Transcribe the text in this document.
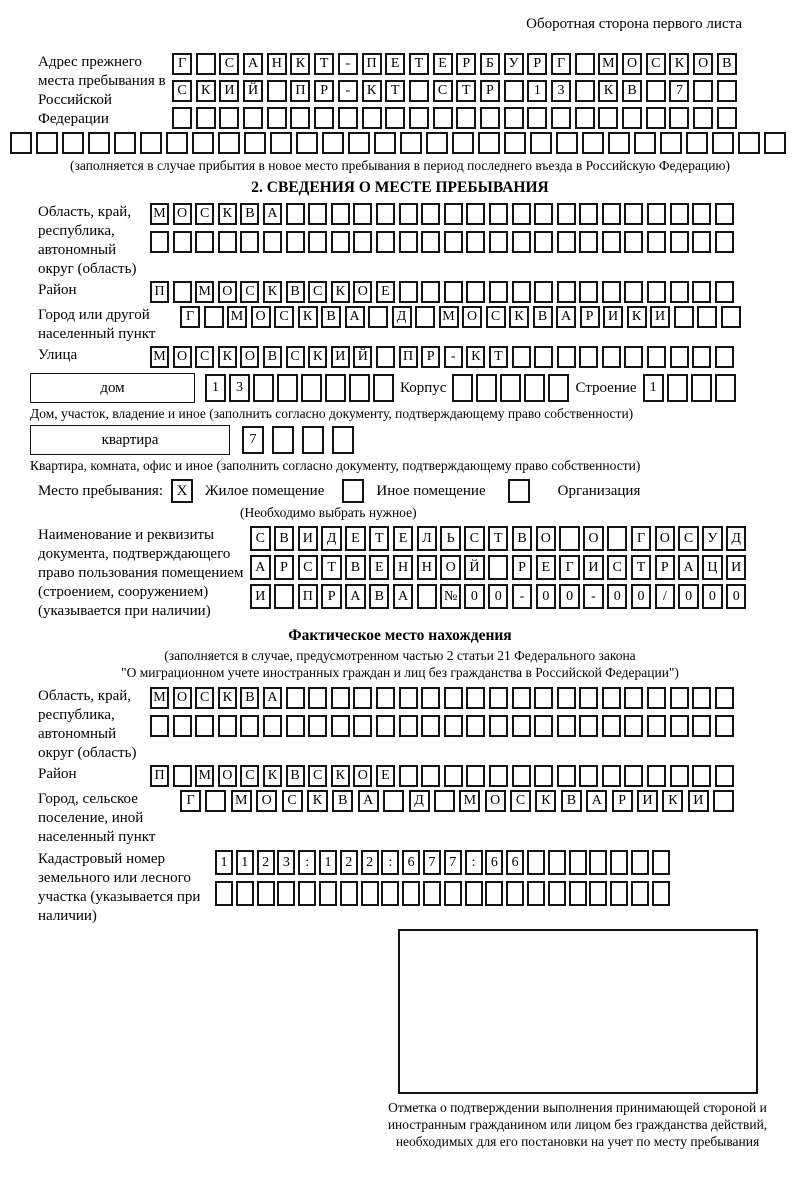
Оборотная сторона первого листа
Адрес прежнего места пребывания в Российской Федерации
Г	С А Н К	Т	-	П	Е	Т	Е	Р	Б	У	Р	Г	М О С	К О В
С	К И Й	П	Р	-	К	Т	С	Т	Р	1	3	К	В	7
(заполняется в случае прибытия в новое место пребывания в период последнего въезда в Российскую Федерацию)
2. СВЕДЕНИЯ О МЕСТЕ ПРЕБЫВАНИЯ
Область, край, республика, автономный округ (область)
М О С К В А
Район	П	М О С К В С К О Е
Город или другой населенный пункт
Г	М О С	К	В А	Д	М О С	К	В А	Р	И К И
Улица	М О С К О В С К И Й	П Р	-	К Т
дом	1	3	Корпус	Строение 1
Дом, участок, владение и иное (заполнить согласно документу, подтверждающему право собственности)
квартира	7
Квартира, комната, офис и иное (заполнить согласно документу, подтверждающему право собственности)
Место пребывания: X	Жилое помещение	Иное помещение	Организация
(Необходимо выбрать нужное)
Наименование и реквизиты документа, подтверждающего право пользования помещением (строением, сооружением) (указывается при наличии)
С	В	И Д	Е	Т	Е	Л	Ь	С	Т	В	О	О	Г	О	С	У	Д
А	Р	С	Т	В	Е	Н Н О Й	Р	Е	Г	И	С	Т	Р	А Ц И
И	П	Р	А	В	А	№ 0	0	-	0	0	-	0	0	/	0	0	0
Фактическое место нахождения
(заполняется в случае, предусмотренном частью 2 статьи 21 Федерального закона
"О миграционном учете иностранных граждан и лиц без гражданства в Российской Федерации")
Область, край, республика, автономный округ (область)
М О С К В А
Район	П	М О С К В С К О Е
Город, сельское поселение, иной населенный пункт
Г	М	О	С	К	В	А	Д	М	О	С	К	В	А	Р	И	К	И
Кадастровый номер земельного или лесного участка (указывается при наличии)
1 1 2 3	:	1 2 2	:	6 7 7	:	6 6
Отметка о подтверждении выполнения принимающей стороной и иностранным гражданином или лицом без гражданства действий, необходимых для его постановки на учет по месту пребывания
